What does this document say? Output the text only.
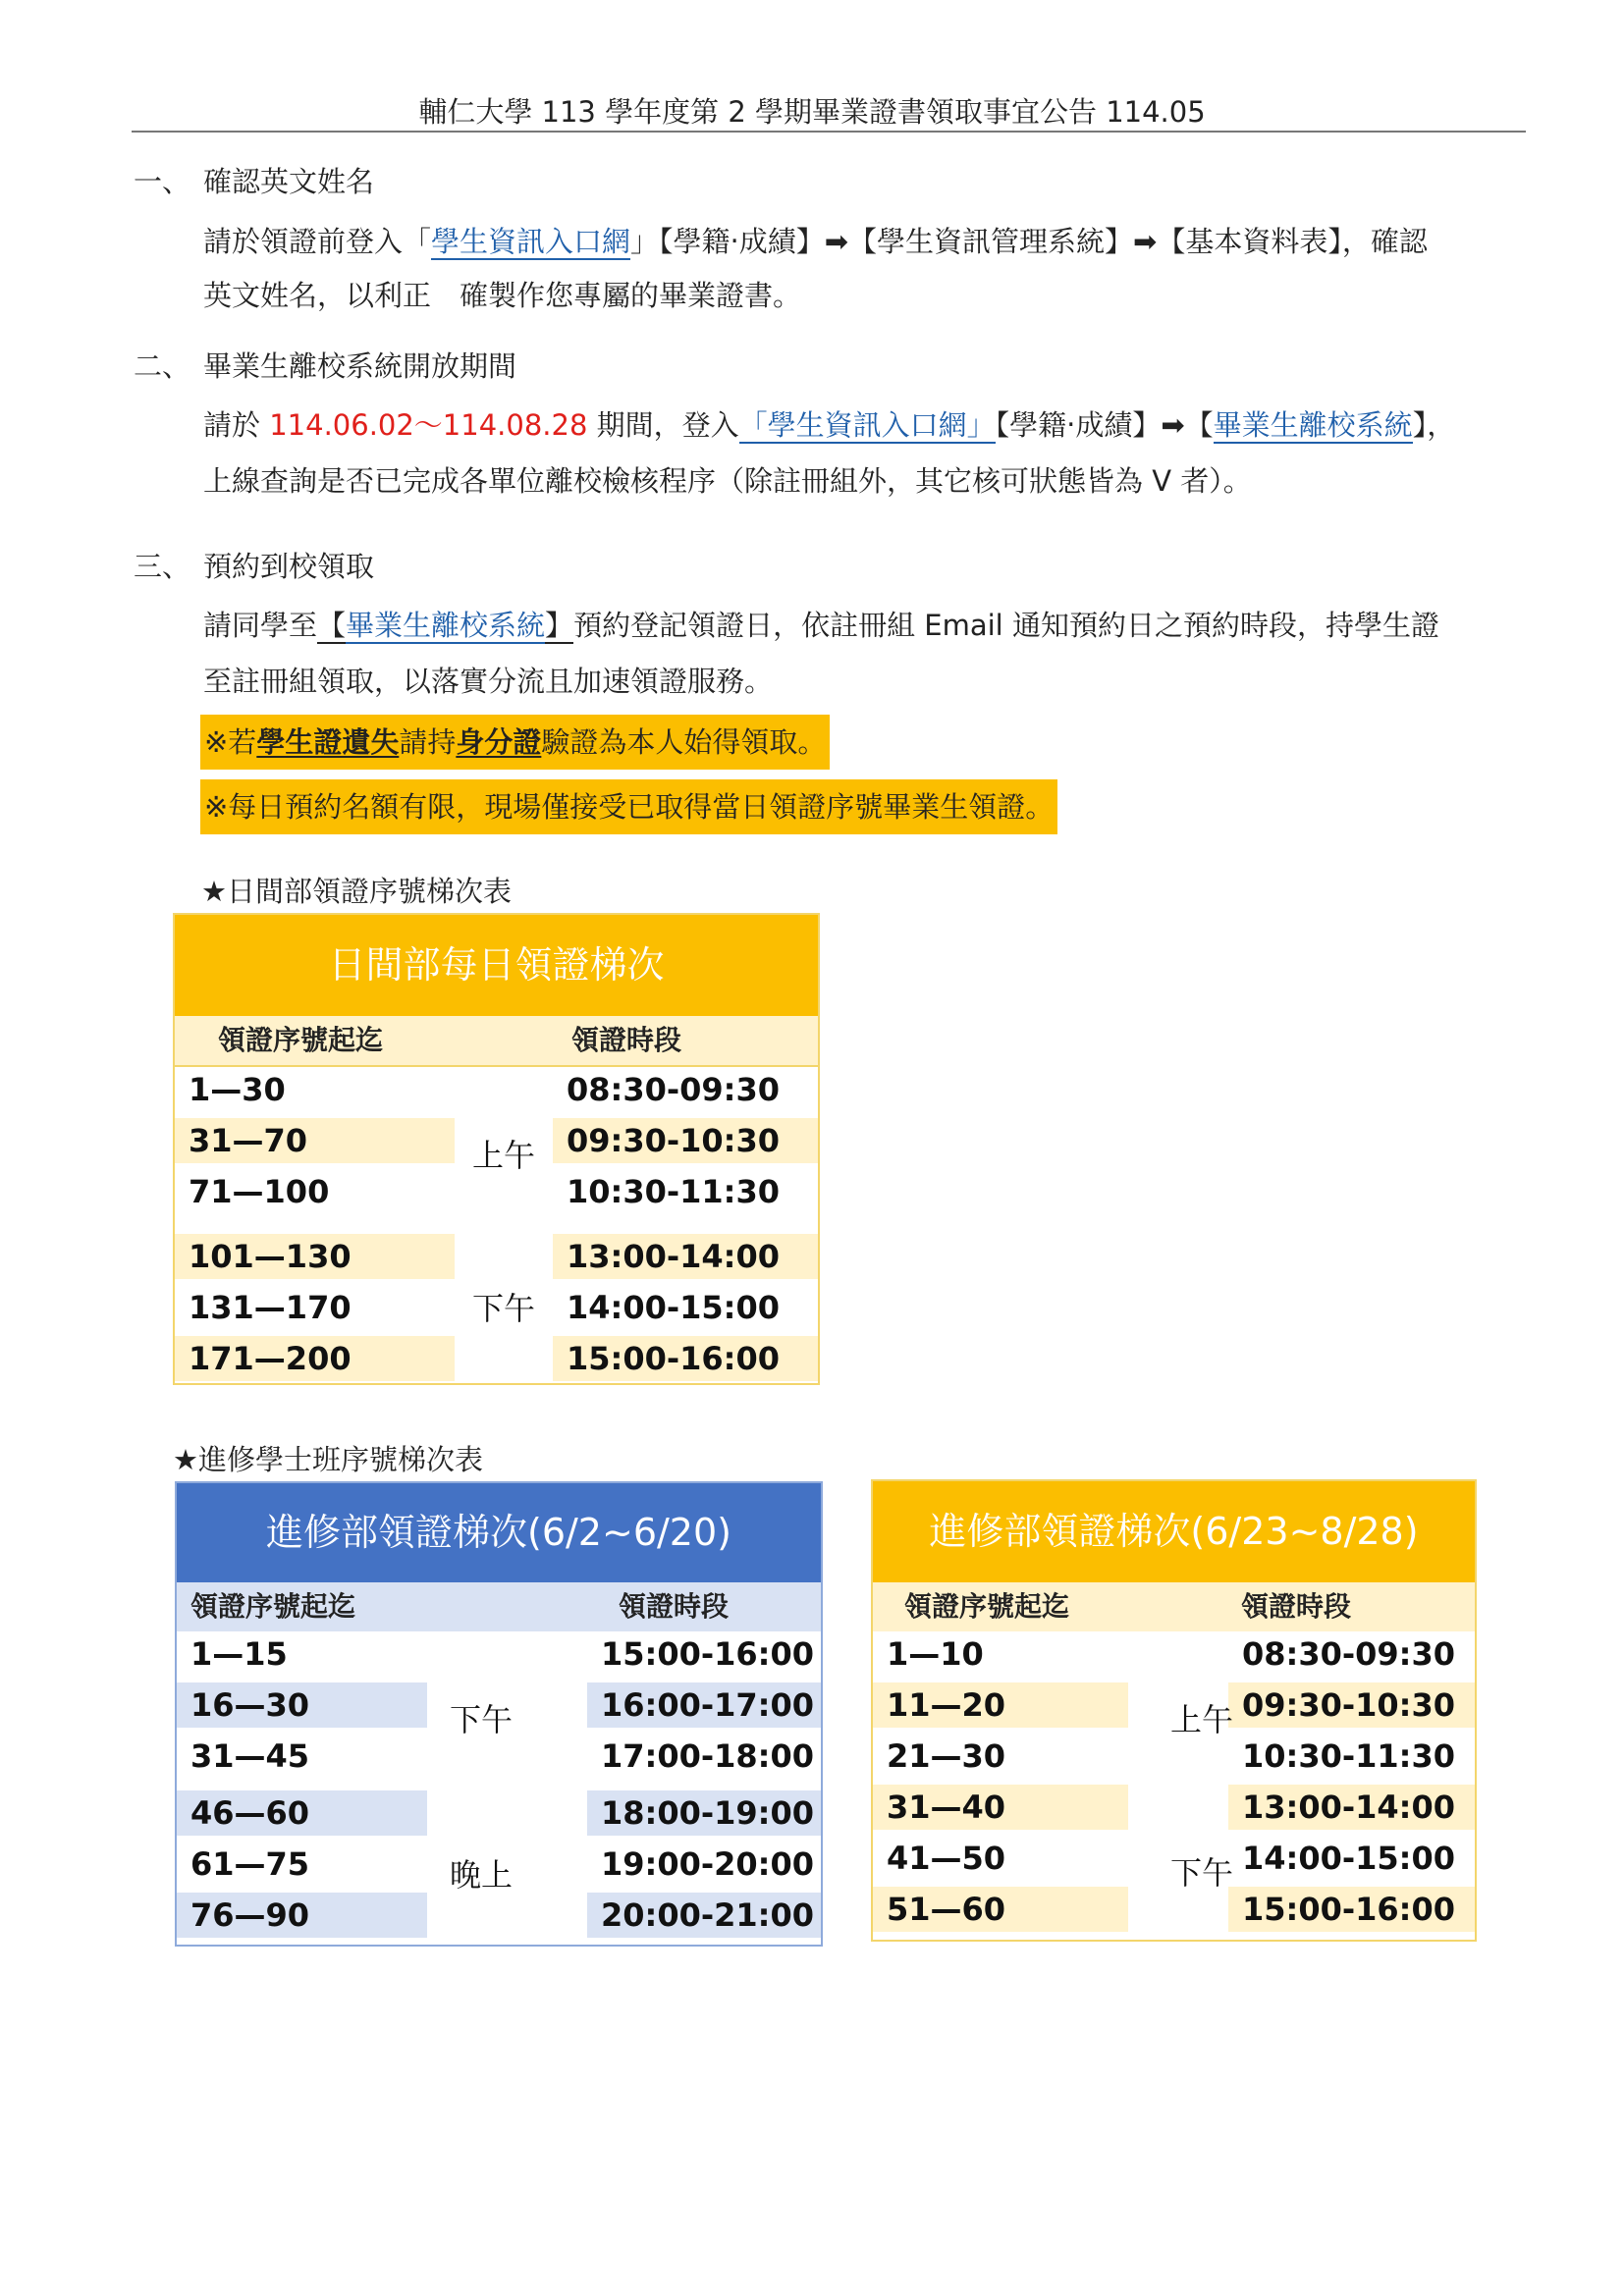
輔仁大學 113 學年度第 2 學期畢業證書領取事宜公告 114.05
一、 確認英文姓名
請於領證前登入「學生資訊入口網」【學籍‧成績】➡【學生資訊管理系統】➡【基本資料表】，確認
英文姓名，以利正　確製作您專屬的畢業證書。
二、 畢業生離校系統開放期間
請於 114.06.02～114.08.28 期間，登入「學生資訊入口網」【學籍‧成績】➡【畢業生離校系統】，
上線查詢是否已完成各單位離校檢核程序（除註冊組外，其它核可狀態皆為 V 者）。
三、 預約到校領取
請同學至【畢業生離校系統】預約登記領證日，依註冊組 Email 通知預約日之預約時段，持學生證
至註冊組領取，以落實分流且加速領證服務。
※若學生證遺失請持身分證驗證為本人始得領取。
※每日預約名額有限，現場僅接受已取得當日領證序號畢業生領證。
★日間部領證序號梯次表
日間部每日領證梯次
領證序號起迄	領證時段
上午
下午
1—30	08:30-09:30
31—70	09:30-10:30
71—100	10:30-11:30
101—130	13:00-14:00
131—170	14:00-15:00
171—200	15:00-16:00
★進修學士班序號梯次表
進修部領證梯次(6/2~6/20)
領證序號起迄	領證時段
下午
晚上
1—15	15:00-16:00
16—30	16:00-17:00
31—45	17:00-18:00
46—60	18:00-19:00
61—75	19:00-20:00
76—90	20:00-21:00
進修部領證梯次(6/23~8/28)
領證序號起迄	領證時段
上午
下午
1—10	08:30-09:30
11—20	09:30-10:30
21—30	10:30-11:30
31—40	13:00-14:00
41—50	14:00-15:00
51—60	15:00-16:00
